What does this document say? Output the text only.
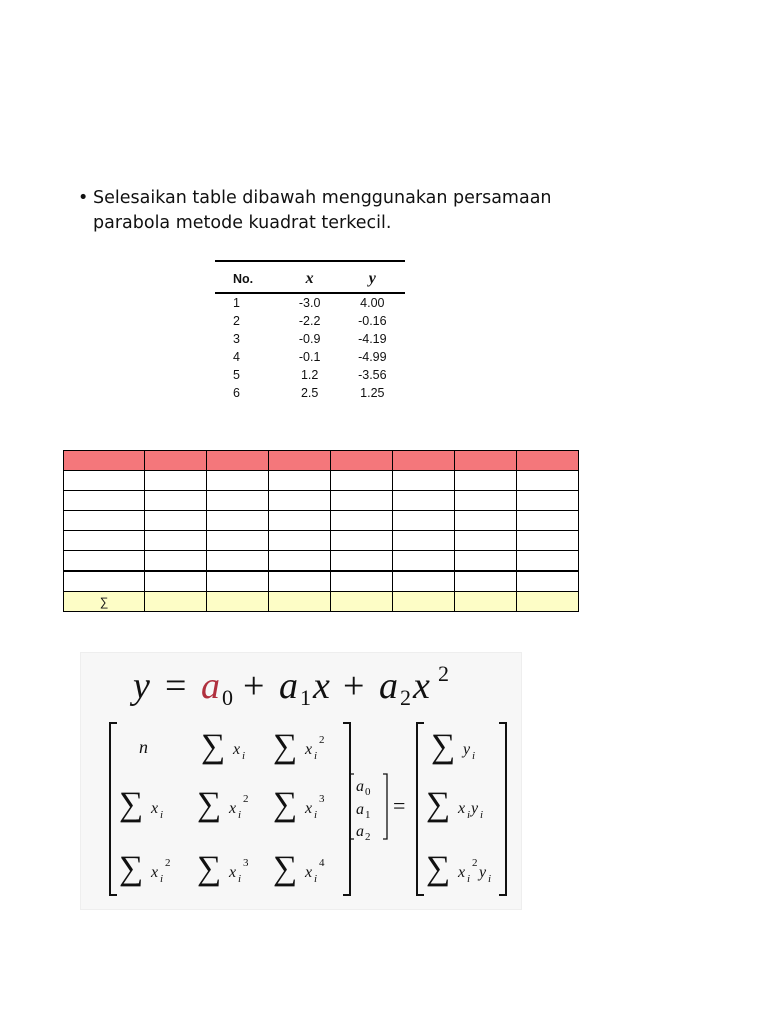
• Selesaikan table dibawah menggunakan persamaan parabola metode kuadrat terkecil.
No.	x	y
1	-3.0	4.00
2	-2.2	-0.16
3	-0.9	-4.19
4	-0.1	-4.99
5	1.2	-3.56
6	2.5	1.25

∑							
y = a 0 + a 1 x + a 2 x 2
n ∑ x i ∑ x i
2
∑ x i ∑ x i
2 ∑ x i
3
∑ x i
2 ∑ x i
3 ∑ x i
4
a 0
a 1
a 2
=
∑ y i
∑ x i y i
∑ x i
2
y i
